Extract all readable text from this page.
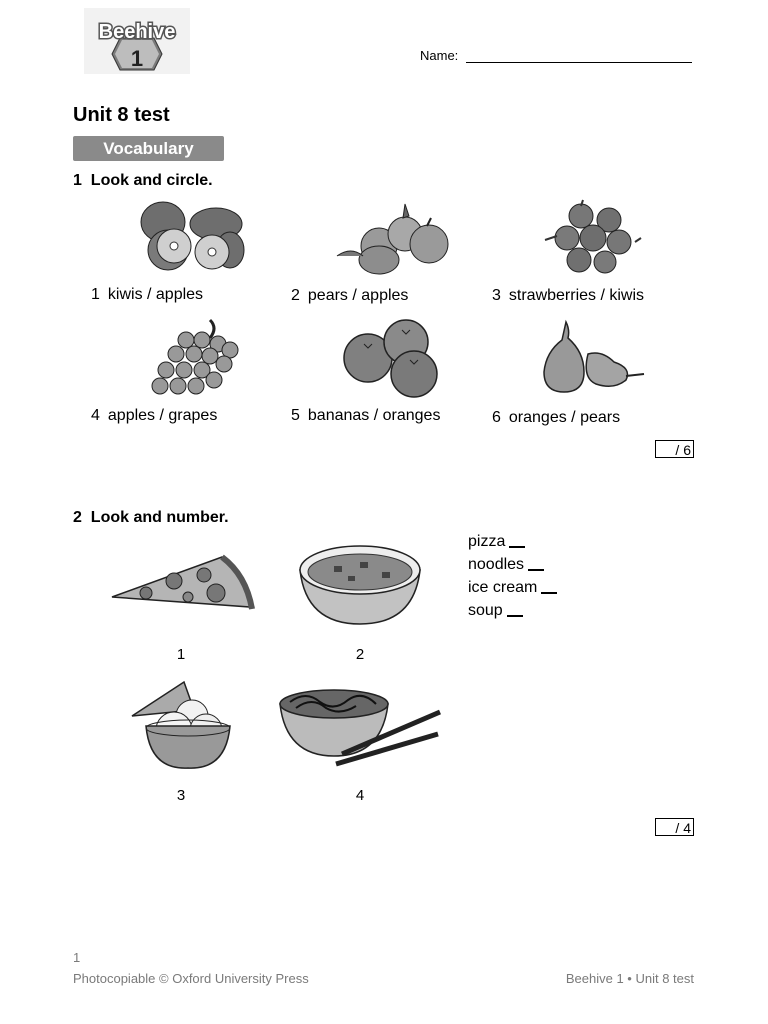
1
Beehive
Name:
Unit 8 test
Vocabulary
1 Look and circle.
1 kiwis / apples	2 pears / apples	3 strawberries / kiwis
4 apples / grapes	5 bananas / oranges	6 oranges / pears
/ 6
2 Look and number.
pizza
noodles
ice cream
soup
1	2
3	4
/ 4
1
Photocopiable © Oxford University Press	Beehive 1 • Unit 8 test
